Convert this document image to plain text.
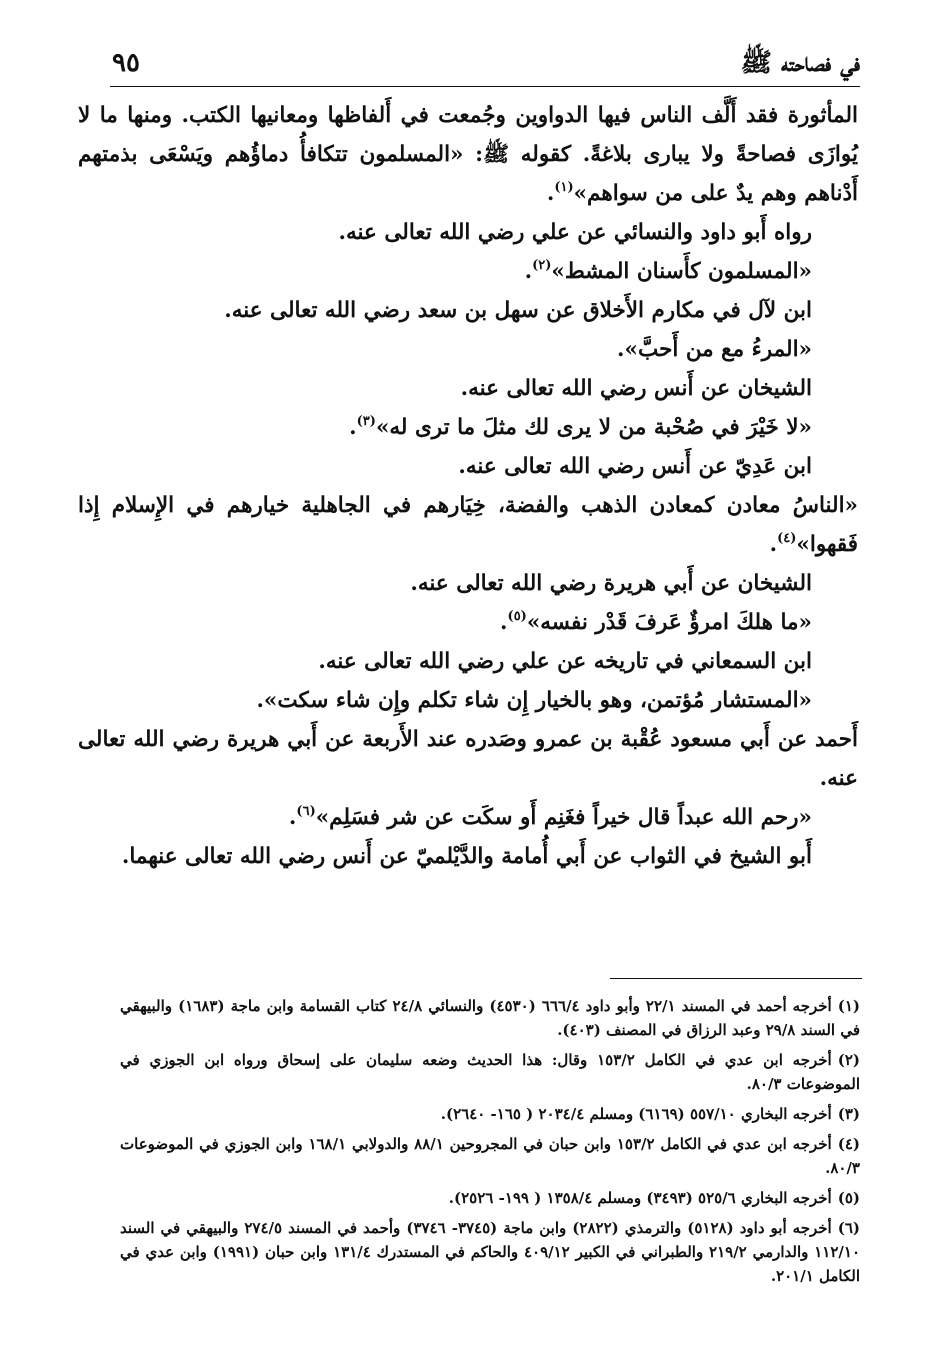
في فصاحته ﷺ
٩٥

المأثورة فقد أَلَّف الناس فيها الدواوين وجُمعت في أَلفاظها ومعانيها الكتب. ومنها ما لا يُوازَى فصاحةً ولا يبارى بلاغةً. كقوله ﷺ: «المسلمون تتكافأُ دماؤُهم ويَسْعَى بذمتهم أَدْناهم وهم يدٌ على من سواهم»$^{(١)}$.

رواه أَبو داود والنسائي عن علي رضي الله تعالى عنه.

«المسلمون كأَسنان المشط»$^{(٢)}$.

ابن لآل في مكارم الأَخلاق عن سهل بن سعد رضي الله تعالى عنه.

«المرءُ مع من أَحبَّ».

الشيخان عن أَنس رضي الله تعالى عنه.

«لا خَيْرَ في صُحْبة من لا يرى لك مثلَ ما ترى له»$^{(٣)}$.

ابن عَدِيّ عن أَنس رضي الله تعالى عنه.

«الناسُ معادن كمعادن الذهب والفضة، خِيَارهم في الجاهلية خيارهم في الإِسلام إِذا فَقهوا»$^{(٤)}$.

الشيخان عن أَبي هريرة رضي الله تعالى عنه.

«ما هلكَ امرؤٌ عَرفَ قَدْر نفسه»$^{(٥)}$.

ابن السمعاني في تاريخه عن علي رضي الله تعالى عنه.

«المستشار مُؤتمن، وهو بالخيار إِن شاء تكلم وإِن شاء سكت».

أَحمد عن أَبي مسعود عُقْبة بن عمرو وصَدره عند الأَربعة عن أَبي هريرة رضي الله تعالى عنه.

«رحم الله عبداً قال خيراً فغَنِم أَو سكَت عن شر فسَلِم»$^{(٦)}$.

أَبو الشيخ في الثواب عن أَبي أُمامة والدَّيْلميّ عن أَنس رضي الله تعالى عنهما.

(١)أخرجه أحمد في المسند ٢٢/١ وأبو داود ٦٦٦/٤ (٤٥٣٠) والنسائي ٢٤/٨ كتاب القسامة وابن ماجة (١٦٨٣) والبيهقي في السند ٢٩/٨ وعبد الرزاق في المصنف (٤٠٣).

(٢)أخرجه ابن عدي في الكامل ١٥٣/٢ وقال: هذا الحديث وضعه سليمان على إسحاق ورواه ابن الجوزي في الموضوعات ٨٠/٣.

(٣)أخرجه البخاري ٥٥٧/١٠ (٦١٦٩) ومسلم ٢٠٣٤/٤ ( ١٦٥- ٢٦٤٠).

(٤)أخرجه ابن عدي في الكامل ١٥٣/٢ وابن حبان في المجروحين ٨٨/١ والدولابي ١٦٨/١ وابن الجوزي في الموضوعات ٨٠/٣.

(٥)أخرجه البخاري ٥٢٥/٦ (٣٤٩٣) ومسلم ١٣٥٨/٤ ( ١٩٩- ٢٥٢٦).

(٦)أخرجه أبو داود (٥١٢٨) والترمذي (٢٨٢٢) وابن ماجة (٣٧٤٥- ٣٧٤٦) وأحمد في المسند ٢٧٤/٥ والبيهقي في السند ١١٢/١٠ والدارمي ٢١٩/٢ والطبراني في الكبير ٤٠٩/١٢ والحاكم في المستدرك ١٣١/٤ وابن حبان (١٩٩١) وابن عدي في الكامل ٢٠١/١.
